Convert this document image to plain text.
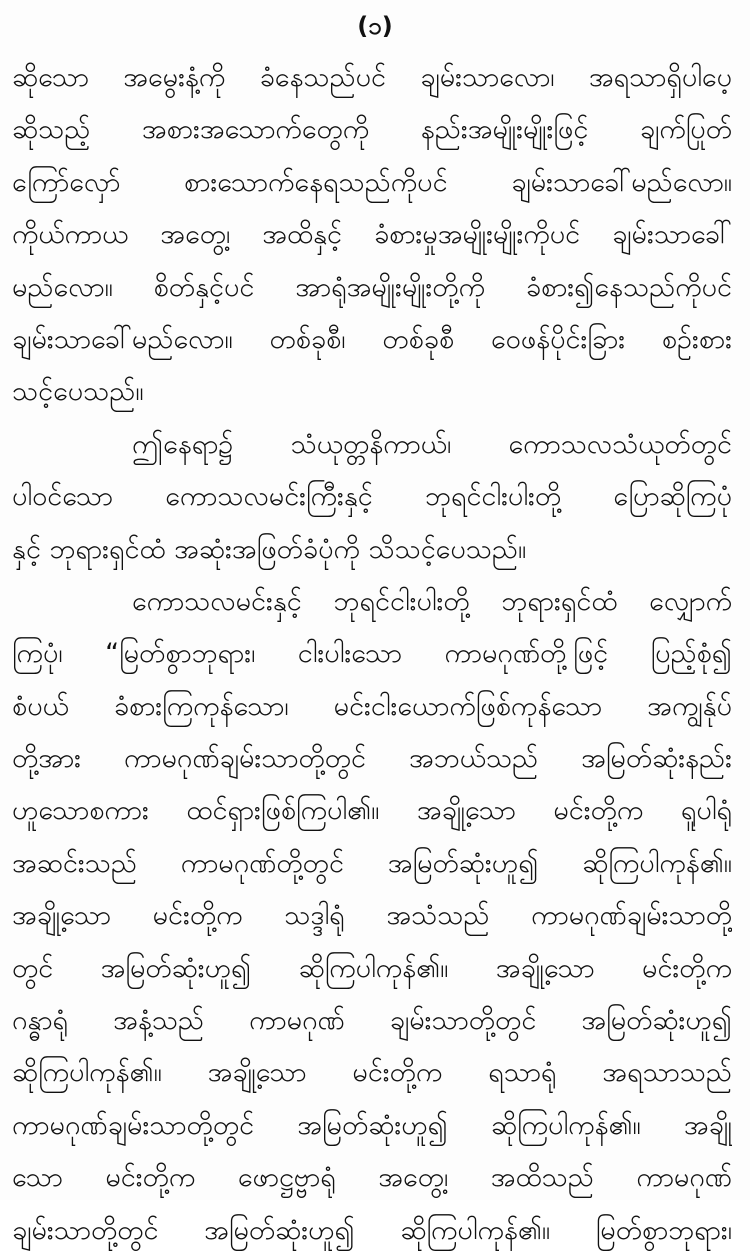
(၁)
ဆိုသော အမွေးနံ့ကို ခံနေသည်ပင် ချမ်းသာလော၊ အရသာရှိပါပေ့
ဆိုသည့် အစားအသောက်တွေကို နည်းအမျိုးမျိုးဖြင့် ချက်ပြုတ်
ကြော်လှော် စားသောက်နေရသည်ကိုပင် ချမ်းသာခေါ်မည်လော။
ကိုယ်ကာယ အတွေ့၊ အထိနှင့် ခံစားမှုအမျိုးမျိုးကိုပင် ချမ်းသာခေါ်
မည်လော။ စိတ်နှင့်ပင် အာရုံအမျိုးမျိုးတို့ကို ခံစား၍နေသည်ကိုပင်
ချမ်းသာခေါ်မည်လော။ တစ်ခုစီ၊ တစ်ခုစီ ဝေဖန်ပိုင်းခြား စဉ်းစား
သင့်ပေသည်။
ဤနေရာ၌ သံယုတ္တနိကာယ်၊ ကောသလသံယုတ်တွင်
ပါဝင်သော ကောသလမင်းကြီးနှင့် ဘုရင်ငါးပါးတို့ ပြောဆိုကြပုံ
နှင့် ဘုရားရှင်ထံ အဆုံးအဖြတ်ခံပုံကို သိသင့်ပေသည်။
ကောသလမင်းနှင့် ဘုရင်ငါးပါးတို့ ဘုရားရှင်ထံ လျှောက်
ကြပုံ၊ “မြတ်စွာဘုရား၊ ငါးပါးသော ကာမဂုဏ်တို့ဖြင့် ပြည့်စုံ၍
စံပယ် ခံစားကြကုန်သော၊ မင်းငါးယောက်ဖြစ်ကုန်သော အကျွန်ုပ်
တို့အား ကာမဂုဏ်ချမ်းသာတို့တွင် အဘယ်သည် အမြတ်ဆုံးနည်း
ဟူသောစကား ထင်ရှားဖြစ်ကြပါ၏။ အချို့သော မင်းတို့က ရူပါရုံ
အဆင်းသည် ကာမဂုဏ်တို့တွင် အမြတ်ဆုံးဟူ၍ ဆိုကြပါကုန်၏။
အချို့သော မင်းတို့က သဒ္ဒါရုံ အသံသည် ကာမဂုဏ်ချမ်းသာတို့
တွင် အမြတ်ဆုံးဟူ၍ ဆိုကြပါကုန်၏။ အချို့သော မင်းတို့က
ဂန္ဓာရုံ အနံ့သည် ကာမဂုဏ် ချမ်းသာတို့တွင် အမြတ်ဆုံးဟူ၍
ဆိုကြပါကုန်၏။ အချို့သော မင်းတို့က ရသာရုံ အရသာသည်
ကာမဂုဏ်ချမ်းသာတို့တွင် အမြတ်ဆုံးဟူ၍ ဆိုကြပါကုန်၏။ အချို့
သော မင်းတို့က ဖောဋ္ဌဗ္ဗာရုံ အတွေ့၊ အထိသည် ကာမဂုဏ်
ချမ်းသာတို့တွင် အမြတ်ဆုံးဟူ၍ ဆိုကြပါကုန်၏။ မြတ်စွာဘုရား၊
